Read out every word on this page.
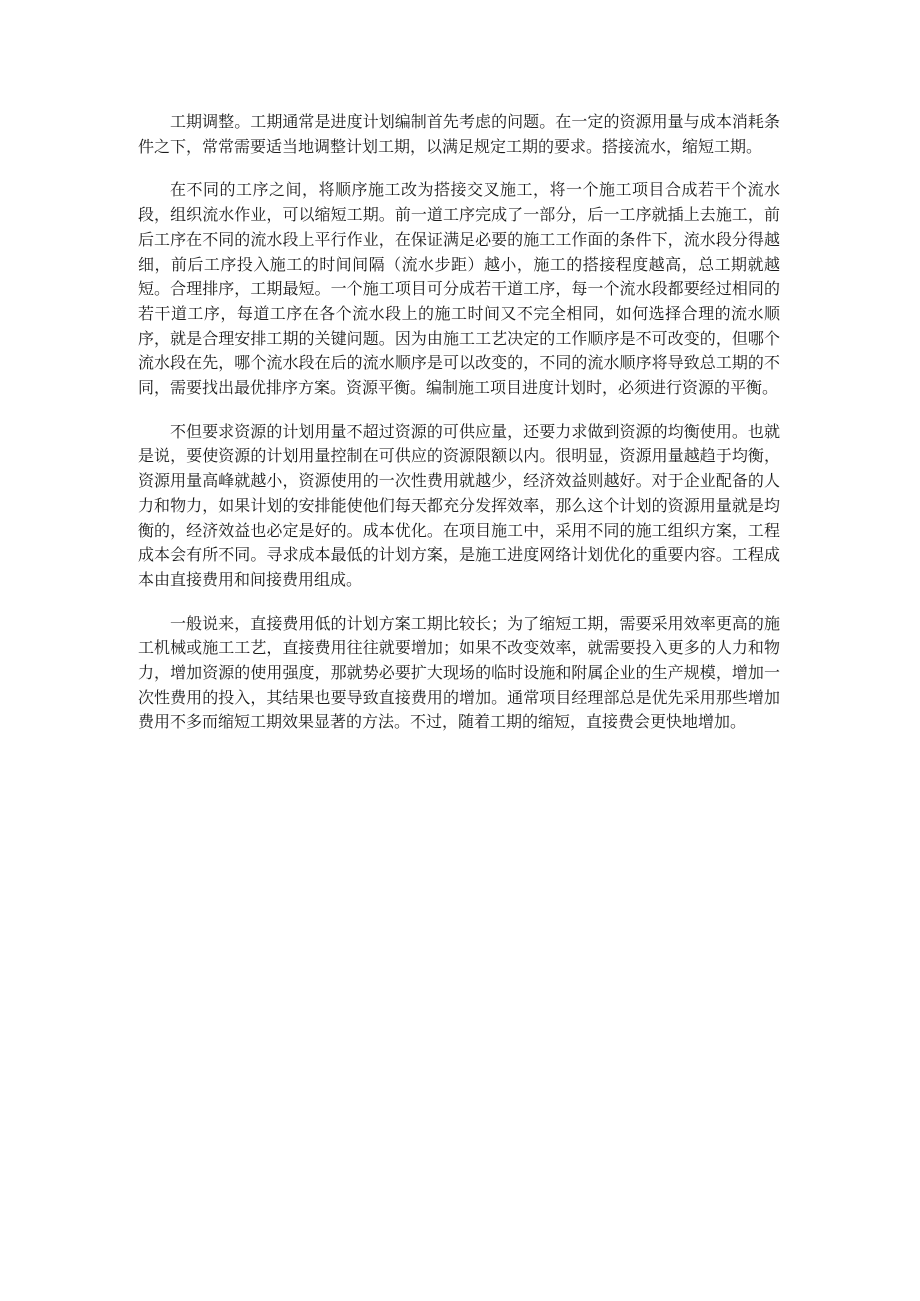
工期调整。工期通常是进度计划编制首先考虑的问题。在一定的资源用量与成本消耗条件之下，常常需要适当地调整计划工期，以满足规定工期的要求。搭接流水，缩短工期。

在不同的工序之间，将顺序施工改为搭接交叉施工，将一个施工项目合成若干个流水段，组织流水作业，可以缩短工期。前一道工序完成了一部分，后一工序就插上去施工，前后工序在不同的流水段上平行作业，在保证满足必要的施工工作面的条件下，流水段分得越细，前后工序投入施工的时间间隔（流水步距）越小，施工的搭接程度越高，总工期就越短。合理排序，工期最短。一个施工项目可分成若干道工序，每一个流水段都要经过相同的若干道工序，每道工序在各个流水段上的施工时间又不完全相同，如何选择合理的流水顺序，就是合理安排工期的关键问题。因为由施工工艺决定的工作顺序是不可改变的，但哪个流水段在先，哪个流水段在后的流水顺序是可以改变的，不同的流水顺序将导致总工期的不同，需要找出最优排序方案。资源平衡。编制施工项目进度计划时，必须进行资源的平衡。

不但要求资源的计划用量不超过资源的可供应量，还要力求做到资源的均衡使用。也就是说，要使资源的计划用量控制在可供应的资源限额以内。很明显，资源用量越趋于均衡，资源用量高峰就越小，资源使用的一次性费用就越少，经济效益则越好。对于企业配备的人力和物力，如果计划的安排能使他们每天都充分发挥效率，那么这个计划的资源用量就是均衡的，经济效益也必定是好的。成本优化。在项目施工中，采用不同的施工组织方案，工程成本会有所不同。寻求成本最低的计划方案，是施工进度网络计划优化的重要内容。工程成本由直接费用和间接费用组成。

一般说来，直接费用低的计划方案工期比较长；为了缩短工期，需要采用效率更高的施工机械或施工工艺，直接费用往往就要增加；如果不改变效率，就需要投入更多的人力和物力，增加资源的使用强度，那就势必要扩大现场的临时设施和附属企业的生产规模，增加一次性费用的投入，其结果也要导致直接费用的增加。通常项目经理部总是优先采用那些增加费用不多而缩短工期效果显著的方法。不过，随着工期的缩短，直接费会更快地增加。
